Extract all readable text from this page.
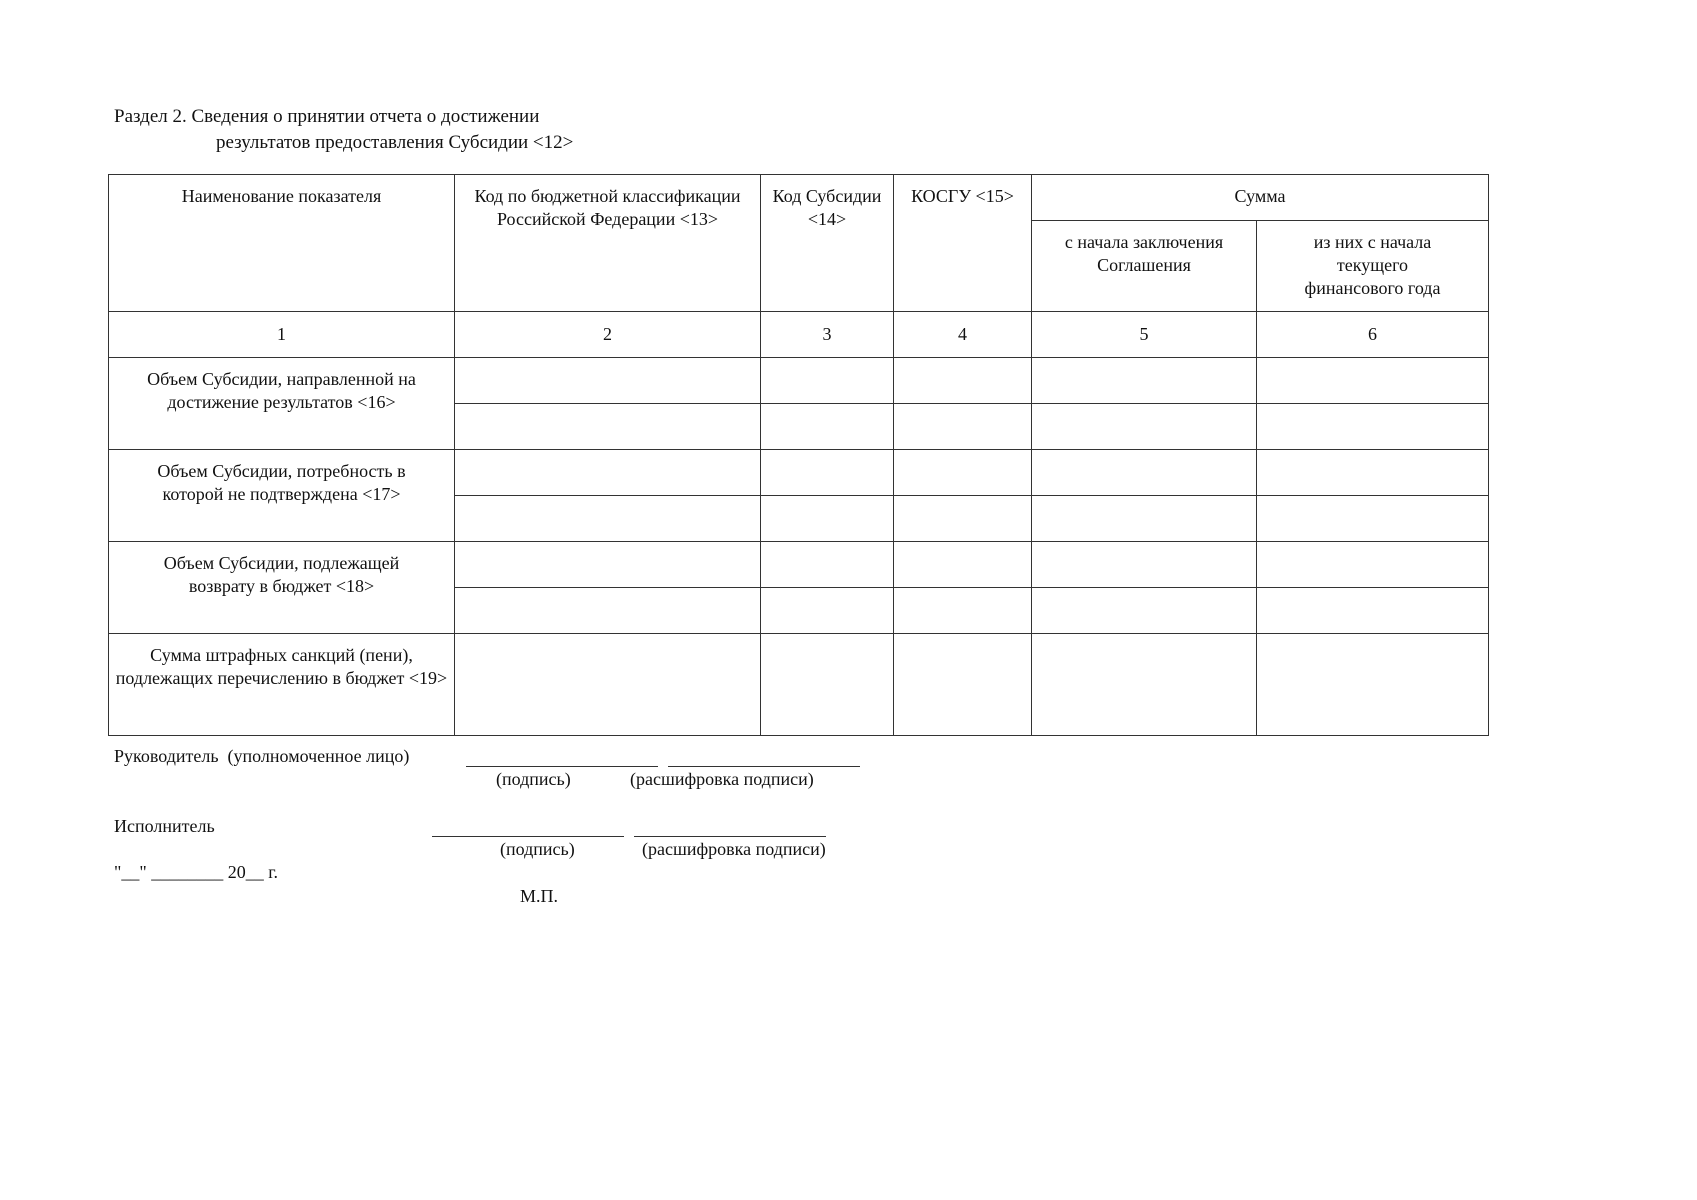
Раздел 2. Сведения о принятии отчета о достижении
результатов предоставления Субсидии <12>
Наименование показателя	Код по бюджетной классификации Российской Федерации <13>	Код Субсидии <14>	КОСГУ <15>	Сумма	
				с начала заключения Соглашения	из них с начала текущего финансового года
1	2	3	4	5	6
Объем Субсидии, направленной на достижение результатов <16>					

Объем Субсидии, потребность в которой не подтверждена <17>					

Объем Субсидии, подлежащей возврату в бюджет <18>					

Сумма штрафных санкций (пени), подлежащих перечислению в бюджет <19>					
Руководитель  (уполномоченное лицо)
(подпись)	(расшифровка подписи)
Исполнитель
(подпись)	(расшифровка подписи)
"__" ________ 20__ г.
М.П.
